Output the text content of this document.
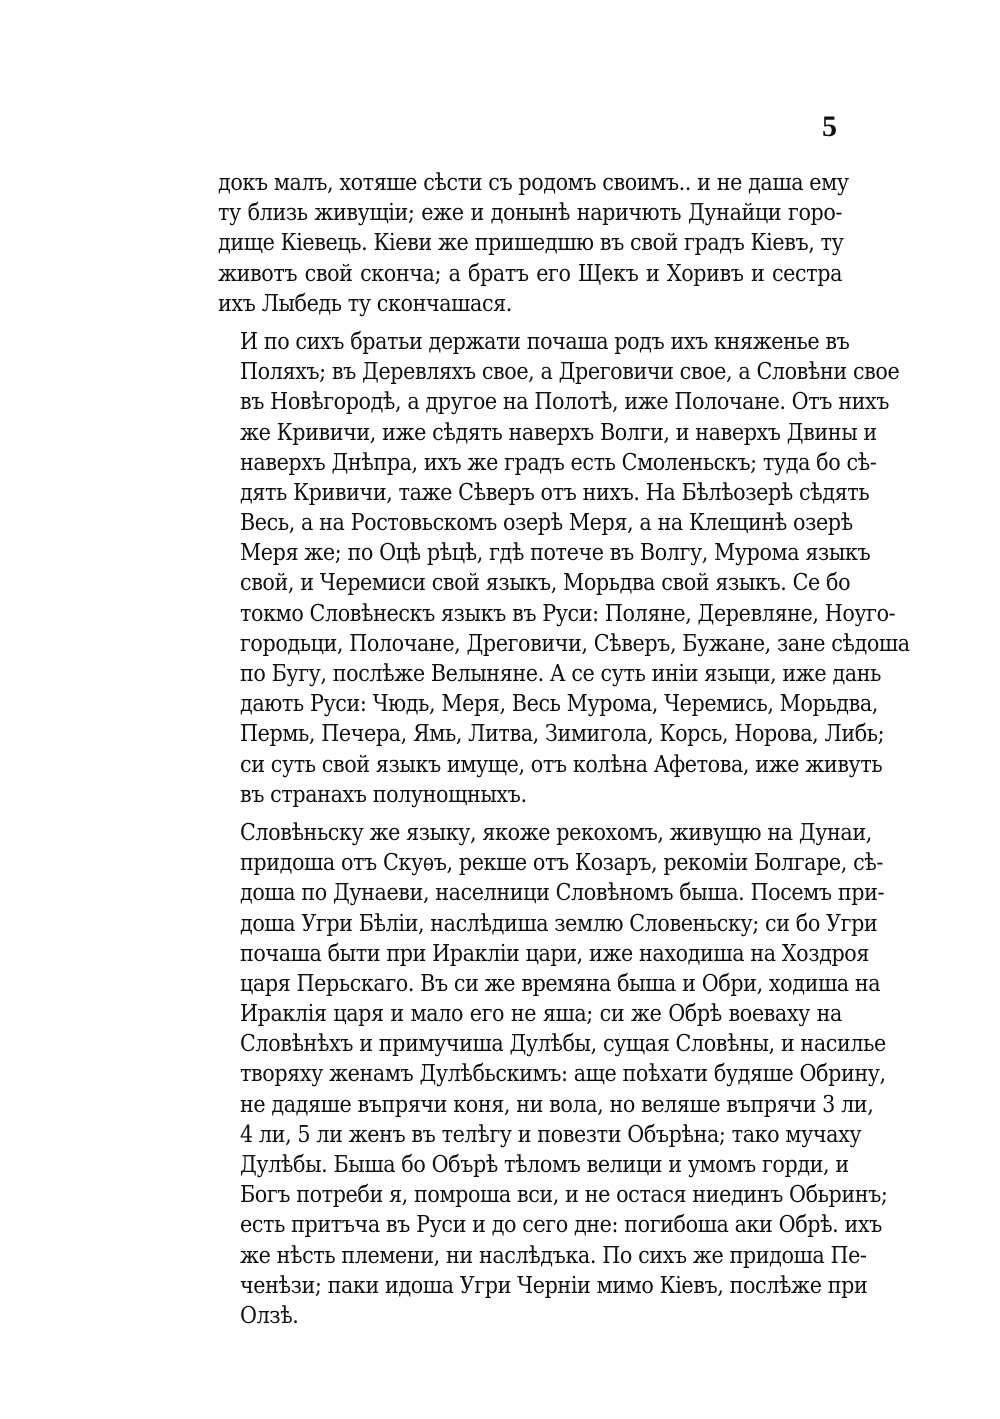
5
докъ малъ, хотяше сѣсти съ родомъ своимъ.. и не даша ему
ту близь живущіи; еже и донынѣ наричють Дунайци горо-
дище Кіевець. Кіеви же пришедшю въ свой градъ Кіевъ, ту
животъ свой сконча; а братъ его Щекъ и Хоривъ и сестра
ихъ Лыбедь ту скончашася.
И по сихъ братьи держати почаша родъ ихъ княженье въ
Поляхъ; въ Деревляхъ свое, а Дреговичи свое, а Словѣни свое
въ Новѣгородѣ, а другое на Полотѣ, иже Полочане. Отъ нихъ
же Кривичи, иже сѣдять наверхъ Волги, и наверхъ Двины и
наверхъ Днѣпра, ихъ же градъ есть Смоленьскъ; туда бо сѣ-
дять Кривичи, таже Сѣверъ отъ нихъ. На Бѣлѣозерѣ сѣдять
Весь, а на Ростовьскомъ озерѣ Меря, а на Клещинѣ озерѣ
Меря же; по Оцѣ рѣцѣ, гдѣ потече въ Волгу, Мурома языкъ
свой, и Черемиси свой языкъ, Морьдва свой языкъ. Се бо
токмо Словѣнескъ языкъ въ Руси: Поляне, Деревляне, Ноуго-
городьци, Полочане, Дреговичи, Сѣверъ, Бужане, зане сѣдоша
по Бугу, послѣже Велыняне. А се суть иніи языци, иже дань
дають Руси: Чюдь, Меря, Весь Мурома, Черемись, Морьдва,
Пермь, Печера, Ямь, Литва, Зимигола, Корсь, Норова, Либь;
си суть свой языкъ имуще, отъ колѣна Афетова, иже живуть
въ странахъ полунощныхъ.
Словѣньску же языку, якоже рекохомъ, живущю на Дунаи,
придоша отъ Скуѳъ, рекше отъ Козаръ, рекоміи Болгаре, сѣ-
доша по Дунаеви, населници Словѣномъ быша. Посемъ при-
доша Угри Бѣліи, наслѣдиша землю Словеньску; си бо Угри
почаша быти при Иракліи цари, иже находиша на Хоздроя
царя Перьскаго. Въ си же времяна быша и Обри, ходиша на
Ираклія царя и мало его не яша; си же Обрѣ воеваху на
Словѣнѣхъ и примучиша Дулѣбы, сущая Словѣны, и насилье
творяху женамъ Дулѣбьскимъ: аще поѣхати будяше Обрину,
не дадяше въпрячи коня, ни вола, но веляше въпрячи 3 ли,
4 ли, 5 ли женъ въ телѣгу и повезти Обърѣна; тако мучаху
Дулѣбы. Быша бо Обърѣ тѣломъ велици и умомъ горди, и
Богъ потреби я, помроша вси, и не остася ниединъ Обьринъ;
есть притъча въ Руси и до сего дне: погибоша аки Обрѣ. ихъ
же нѣсть племени, ни наслѣдъка. По сихъ же придоша Пе-
ченѣзи; паки идоша Угри Черніи мимо Кіевъ, послѣже при
Олзѣ.
